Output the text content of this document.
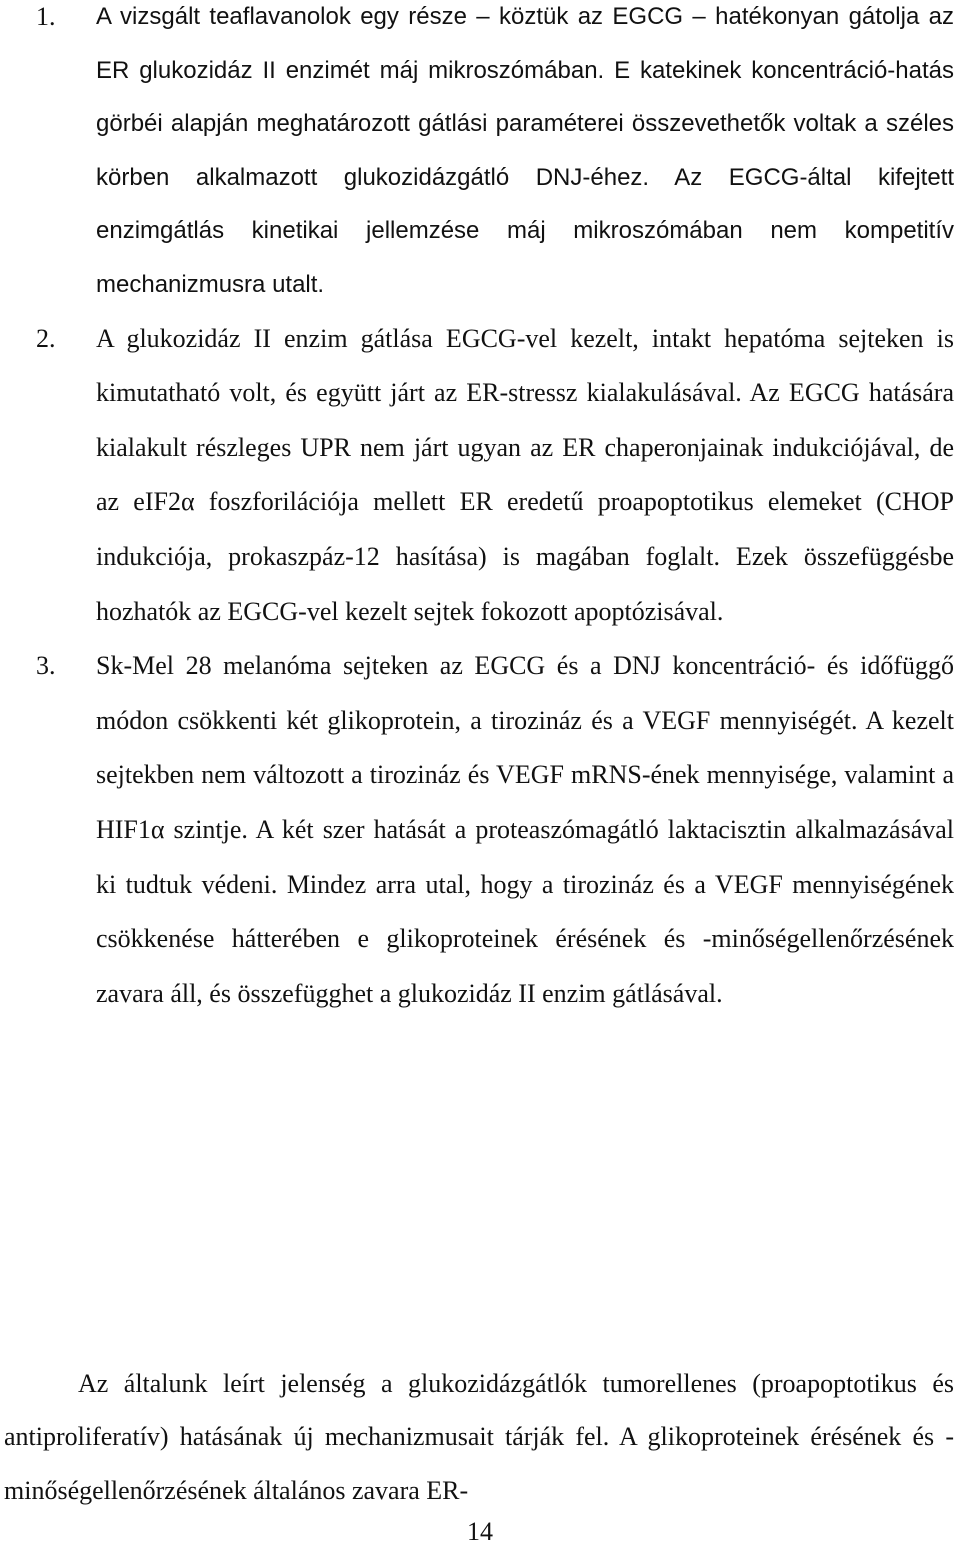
1. A vizsgált teaflavanolok egy része – köztük az EGCG – hatékonyan gátolja az ER glukozidáz II enzimét máj mikroszómában. E katekinek koncentráció-hatás görbéi alapján meghatározott gátlási paraméterei összevethetők voltak a széles körben alkalmazott glukozidázgátló DNJ-éhez. Az EGCG-által kifejtett enzimgátlás kinetikai jellemzése máj mikroszómában nem kompetitív mechanizmusra utalt.
2. A glukozidáz II enzim gátlása EGCG-vel kezelt, intakt hepatóma sejteken is kimutatható volt, és együtt járt az ER-stressz kialakulásával. Az EGCG hatására kialakult részleges UPR nem járt ugyan az ER chaperonjainak indukciójával, de az eIF2α foszforilációja mellett ER eredetű proapoptotikus elemeket (CHOP indukciója, prokaszpáz-12 hasítása) is magában foglalt. Ezek összefüggésbe hozhatók az EGCG-vel kezelt sejtek fokozott apoptózisával.
3. Sk-Mel 28 melanóma sejteken az EGCG és a DNJ koncentráció- és időfüggő módon csökkenti két glikoprotein, a tirozináz és a VEGF mennyiségét. A kezelt sejtekben nem változott a tirozináz és VEGF mRNS-ének mennyisége, valamint a HIF1α szintje. A két szer hatását a proteaszómagátló laktacisztin alkalmazásával ki tudtuk védeni. Mindez arra utal, hogy a tirozináz és a VEGF mennyiségének csökkenése hátterében e glikoproteinek érésének és -minőségellenőrzésének zavara áll, és összefügghet a glukozidáz II enzim gátlásával.

Az általunk leírt jelenség a glukozidázgátlók tumorellenes (proapoptotikus és antiproliferatív) hatásának új mechanizmusait tárják fel. A glikoproteinek érésének és -minőségellenőrzésének általános zavara ER-

14
